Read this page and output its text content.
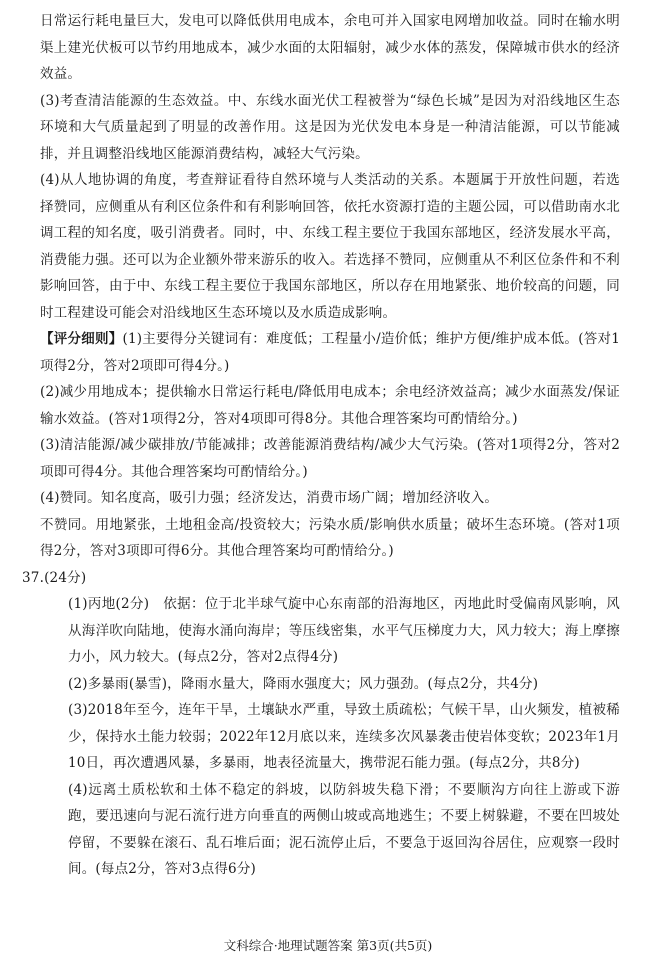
日常运行耗电量巨大，发电可以降低供用电成本，余电可并入国家电网增加收益。同时在输水明渠上建光伏板可以节约用地成本，减少水面的太阳辐射，减少水体的蒸发，保障城市供水的经济效益。

(3)考查清洁能源的生态效益。中、东线水面光伏工程被誉为“绿色长城”是因为对沿线地区生态环境和大气质量起到了明显的改善作用。这是因为光伏发电本身是一种清洁能源，可以节能减排，并且调整沿线地区能源消费结构，减轻大气污染。

(4)从人地协调的角度，考查辩证看待自然环境与人类活动的关系。本题属于开放性问题，若选择赞同，应侧重从有利区位条件和有利影响回答，依托水资源打造的主题公园，可以借助南水北调工程的知名度，吸引消费者。同时，中、东线工程主要位于我国东部地区，经济发展水平高，消费能力强。还可以为企业额外带来游乐的收入。若选择不赞同，应侧重从不利区位条件和不利影响回答，由于中、东线工程主要位于我国东部地区，所以存在用地紧张、地价较高的问题，同时工程建设可能会对沿线地区生态环境以及水质造成影响。

【评分细则】(1)主要得分关键词有：难度低；工程量小/造价低；维护方便/维护成本低。(答对1项得2分，答对2项即可得4分。)

(2)减少用地成本；提供输水日常运行耗电/降低用电成本；余电经济效益高；减少水面蒸发/保证输水效益。(答对1项得2分，答对4项即可得8分。其他合理答案均可酌情给分。)

(3)清洁能源/减少碳排放/节能减排；改善能源消费结构/减少大气污染。(答对1项得2分，答对2项即可得4分。其他合理答案均可酌情给分。)

(4)赞同。知名度高，吸引力强；经济发达，消费市场广阔；增加经济收入。

不赞同。用地紧张，土地租金高/投资较大；污染水质/影响供水质量；破坏生态环境。(答对1项得2分，答对3项即可得6分。其他合理答案均可酌情给分。)

37.(24分)

(1)丙地(2分)　依据：位于北半球气旋中心东南部的沿海地区，丙地此时受偏南风影响，风从海洋吹向陆地，使海水涌向海岸；等压线密集，水平气压梯度力大，风力较大；海上摩擦力小，风力较大。(每点2分，答对2点得4分)

(2)多暴雨(暴雪)，降雨水量大，降雨水强度大；风力强劲。(每点2分，共4分)

(3)2018年至今，连年干旱，土壤缺水严重，导致土质疏松；气候干旱，山火频发，植被稀少，保持水土能力较弱；2022年12月底以来，连续多次风暴袭击使岩体变软；2023年1月10日，再次遭遇风暴，多暴雨，地表径流量大，携带泥石能力强。(每点2分，共8分)

(4)远离土质松软和土体不稳定的斜坡，以防斜坡失稳下滑；不要顺沟方向往上游或下游跑，要迅速向与泥石流行进方向垂直的两侧山坡或高地逃生；不要上树躲避，不要在凹坡处停留，不要躲在滚石、乱石堆后面；泥石流停止后，不要急于返回沟谷居住，应观察一段时间。(每点2分，答对3点得6分)

文科综合·地理试题答案 第3页(共5页)
